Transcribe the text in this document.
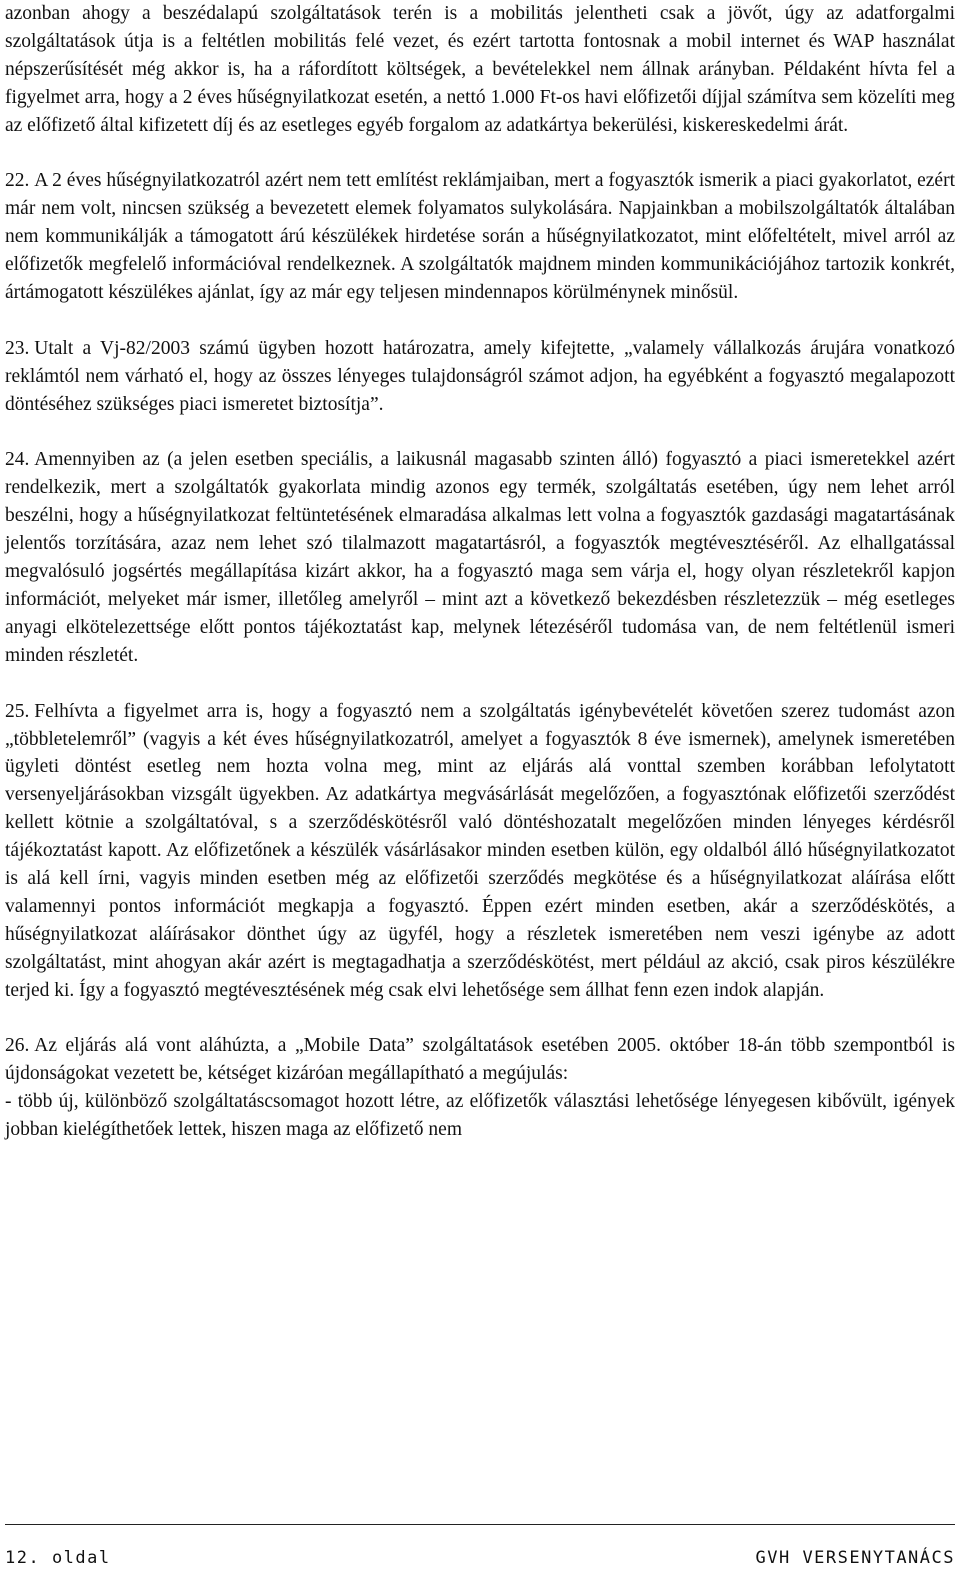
azonban ahogy a beszédalapú szolgáltatások terén is a mobilitás jelentheti csak a jövőt, úgy az adatforgalmi szolgáltatások útja is a feltétlen mobilitás felé vezet, és ezért tartotta fontosnak a mobil internet és WAP használat népszerűsítését még akkor is, ha a ráfordított költségek, a bevételekkel nem állnak arányban. Példaként hívta fel a figyelmet arra, hogy a 2 éves hűségnyilatkozat esetén, a nettó 1.000 Ft-os havi előfizetői díjjal számítva sem közelíti meg az előfizető által kifizetett díj és az esetleges egyéb forgalom az adatkártya bekerülési, kiskereskedelmi árát.

22. A 2 éves hűségnyilatkozatról azért nem tett említést reklámjaiban, mert a fogyasztók ismerik a piaci gyakorlatot, ezért már nem volt, nincsen szükség a bevezetett elemek folyamatos sulykolására. Napjainkban a mobilszolgáltatók általában nem kommunikálják a támogatott árú készülékek hirdetése során a hűségnyilatkozatot, mint előfeltételt, mivel arról az előfizetők megfelelő információval rendelkeznek. A szolgáltatók majdnem minden kommunikációjához tartozik konkrét, ártámogatott készülékes ajánlat, így az már egy teljesen mindennapos körülménynek minősül.

23. Utalt a Vj-82/2003 számú ügyben hozott határozatra, amely kifejtette, „valamely vállalkozás árujára vonatkozó reklámtól nem várható el, hogy az összes lényeges tulajdonságról számot adjon, ha egyébként a fogyasztó megalapozott döntéséhez szükséges piaci ismeretet biztosítja”.

24. Amennyiben az (a jelen esetben speciális, a laikusnál magasabb szinten álló) fogyasztó a piaci ismeretekkel azért rendelkezik, mert a szolgáltatók gyakorlata mindig azonos egy termék, szolgáltatás esetében, úgy nem lehet arról beszélni, hogy a hűségnyilatkozat feltüntetésének elmaradása alkalmas lett volna a fogyasztók gazdasági magatartásának jelentős torzítására, azaz nem lehet szó tilalmazott magatartásról, a fogyasztók megtévesztéséről. Az elhallgatással megvalósuló jogsértés megállapítása kizárt akkor, ha a fogyasztó maga sem várja el, hogy olyan részletekről kapjon információt, melyeket már ismer, illetőleg amelyről – mint azt a következő bekezdésben részletezzük – még esetleges anyagi elkötelezettsége előtt pontos tájékoztatást kap, melynek létezéséről tudomása van, de nem feltétlenül ismeri minden részletét.

25. Felhívta a figyelmet arra is, hogy a fogyasztó nem a szolgáltatás igénybevételét követően szerez tudomást azon „többletelemről” (vagyis a két éves hűségnyilatkozatról, amelyet a fogyasztók 8 éve ismernek), amelynek ismeretében ügyleti döntést esetleg nem hozta volna meg, mint az eljárás alá vonttal szemben korábban lefolytatott versenyeljárásokban vizsgált ügyekben. Az adatkártya megvásárlását megelőzően, a fogyasztónak előfizetői szerződést kellett kötnie a szolgáltatóval, s a szerződéskötésről való döntéshozatalt megelőzően minden lényeges kérdésről tájékoztatást kapott. Az előfizetőnek a készülék vásárlásakor minden esetben külön, egy oldalból álló hűségnyilatkozatot is alá kell írni, vagyis minden esetben még az előfizetői szerződés megkötése és a hűségnyilatkozat aláírása előtt valamennyi pontos információt megkapja a fogyasztó. Éppen ezért minden esetben, akár a szerződéskötés, a hűségnyilatkozat aláírásakor dönthet úgy az ügyfél, hogy a részletek ismeretében nem veszi igénybe az adott szolgáltatást, mint ahogyan akár azért is megtagadhatja a szerződéskötést, mert például az akció, csak piros készülékre terjed ki. Így a fogyasztó megtévesztésének még csak elvi lehetősége sem állhat fenn ezen indok alapján.

26. Az eljárás alá vont aláhúzta, a „Mobile Data” szolgáltatások esetében 2005. október 18-án több szempontból is újdonságokat vezetett be, kétséget kizáróan megállapítható a megújulás:
- több új, különböző szolgáltatáscsomagot hozott létre, az előfizetők választási lehetősége lényegesen kibővült, igények jobban kielégíthetőek lettek, hiszen maga az előfizető nem

12. oldal	GVH VERSENYTANÁCS
